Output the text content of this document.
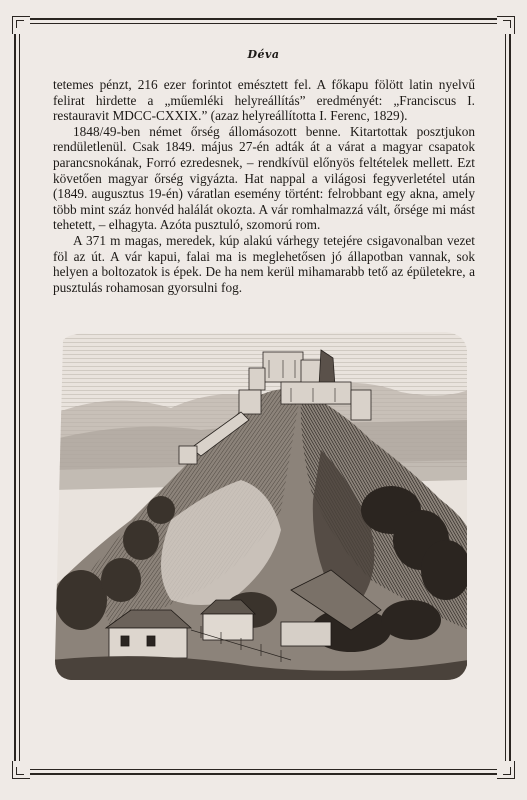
Déva

tetemes pénzt, 216 ezer forintot emésztett fel. A főkapu fölött latin nyelvű felirat hirdette a „műemléki helyreállítás” eredményét: „Franciscus I. restauravit MDCC-CXXIX.” (azaz helyreállította I. Ferenc, 1829).

1848/49-ben német őrség állomásozott benne. Kitartottak posztjukon rendületlenül. Csak 1849. május 27-én adták át a várat a magyar csapatok parancsnokának, Forró ezredesnek, – rendkívül előnyös feltételek mellett. Ezt követően magyar őrség vigyázta. Hat nappal a világosi fegyverletétel után (1849. augusztus 19-én) váratlan esemény történt: felrobbant egy akna, amely több mint száz honvéd halálát okozta. A vár romhalmazzá vált, őrsége mi mást tehetett, – elhagyta. Azóta pusztuló, szomorú rom.

A 371 m magas, meredek, kúp alakú várhegy tetejére csigavonalban vezet föl az út. A vár kapui, falai ma is meglehetősen jó állapotban vannak, sok helyen a boltozatok is épek. De ha nem kerül mihamarabb tető az épületekre, a pusztulás rohamosan gyorsulni fog.
